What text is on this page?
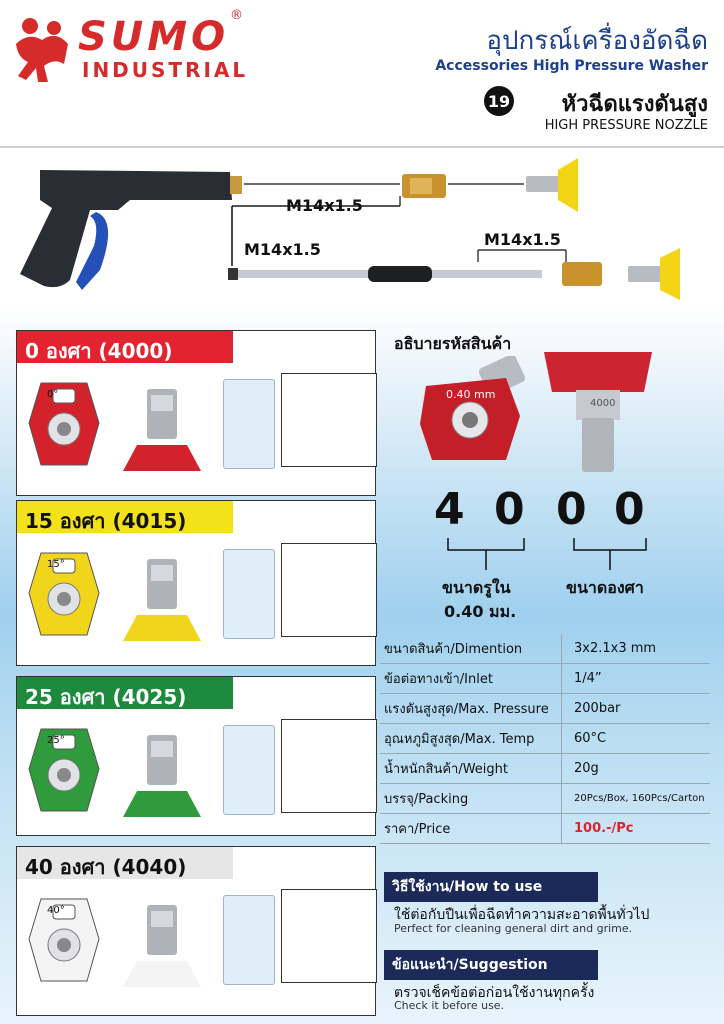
SUMO ®
INDUSTRIAL
อุปกรณ์เครื่องอัดฉีด
Accessories High Pressure Washer
19 หัวฉีดแรงดันสูง
HIGH PRESSURE NOZZLE
M14x1.5
M14x1.5
M14x1.5
0 องศา (4000)
0°
15 องศา (4015)
15°
25 องศา (4025)
25°
40 องศา (4040)
40°
อธิบายรหัสสินค้า
0.40 mm
4000
4 0 0 0
ขนาดรูใน
0.40 มม.
ขนาดองศา
ขนาดสินค้า/Dimention	3x2.1x3 mm
ข้อต่อทางเข้า/Inlet	1/4”
แรงดันสูงสุด/Max. Pressure	200bar
อุณหภูมิสูงสุด/Max. Temp	60°C
น้ำหนักสินค้า/Weight	20g
บรรจุ/Packing	20Pcs/Box, 160Pcs/Carton
ราคา/Price	100.-/Pc
วิธีใช้งาน/How to use
ใช้ต่อกับปืนเพื่อฉีดทำความสะอาดพื้นทั่วไป
Perfect for cleaning general dirt and grime.
ข้อแนะนำ/Suggestion
ตรวจเช็คข้อต่อก่อนใช้งานทุกครั้ง
Check it before use.
